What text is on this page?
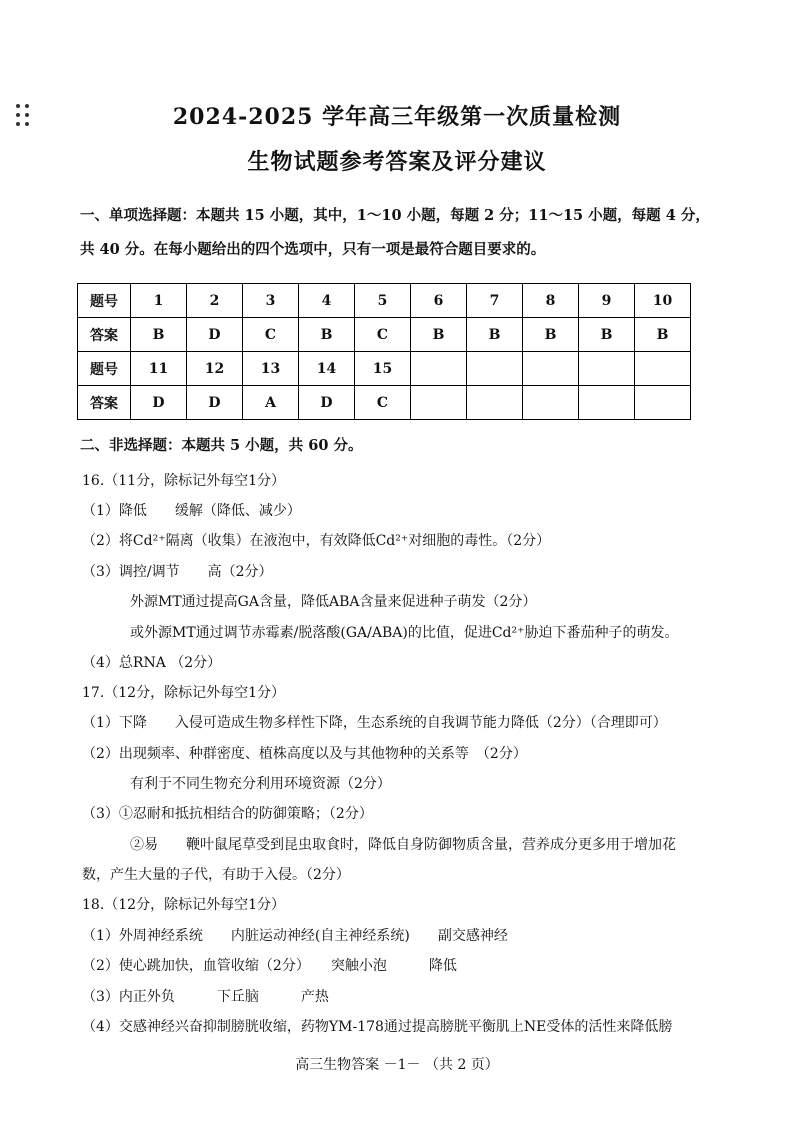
2024-2025 学年高三年级第一次质量检测
生物试题参考答案及评分建议
一、单项选择题：本题共 15 小题，其中，1～10 小题，每题 2 分；11～15 小题，每题 4 分，
共 40 分。在每小题给出的四个选项中，只有一项是最符合题目要求的。
题号	1	2	3	4	5	6	7	8	9	10
答案	B	D	C	B	C	B	B	B	B	B
题号	11	12	13	14	15					
答案	D	D	A	D	C					
二、非选择题：本题共 5 小题，共 60 分。
16.（11分，除标记外每空1分）
（1）降低　　缓解（降低、减少）
（2）将Cd²⁺隔离（收集）在液泡中，有效降低Cd²⁺对细胞的毒性。（2分）
（3）调控/调节　　高（2分）
外源MT通过提高GA含量，降低ABA含量来促进种子萌发（2分）
或外源MT通过调节赤霉素/脱落酸(GA/ABA)的比值，促进Cd²⁺胁迫下番茄种子的萌发。
（4）总RNA （2分）
17.（12分，除标记外每空1分）
（1）下降　　入侵可造成生物多样性下降，生态系统的自我调节能力降低（2分）（合理即可）
（2）出现频率、种群密度、植株高度以及与其他物种的关系等　（2分）
有利于不同生物充分利用环境资源（2分）
（3）①忍耐和抵抗相结合的防御策略；（2分）
②易　　鞭叶鼠尾草受到昆虫取食时，降低自身防御物质含量，营养成分更多用于增加花
数，产生大量的子代，有助于入侵。（2分）
18.（12分，除标记外每空1分）
（1）外周神经系统　　内脏运动神经(自主神经系统)　　副交感神经
（2）使心跳加快，血管收缩（2分）　　突触小泡　　　降低
（3）内正外负　　　下丘脑　　　产热
（4）交感神经兴奋抑制膀胱收缩，药物YM-178通过提高膀胱平衡肌上NE受体的活性来降低膀
高三生物答案 －1－ （共 2 页）
